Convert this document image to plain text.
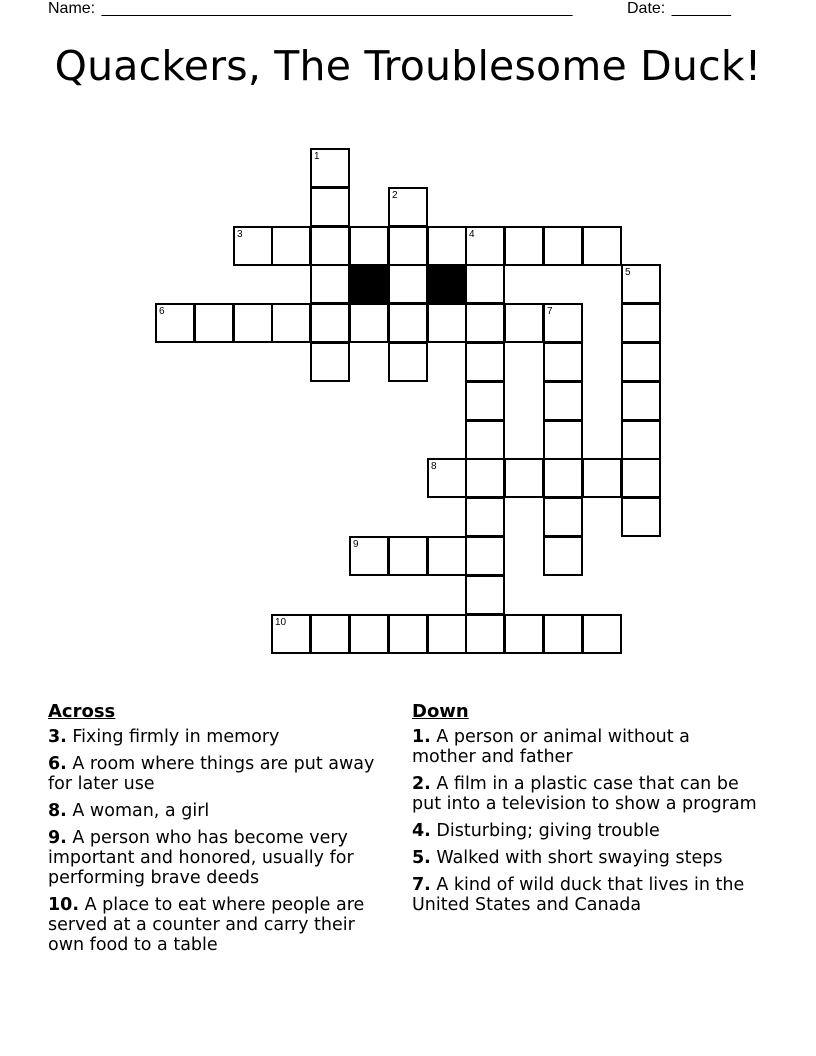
Name: ________________________________________________________	Date: _______
Quackers, The Troublesome Duck!
1
2
3	4
5
6	7
8
9
10
Across
3. Fixing firmly in memory
6. A room where things are put away for later use
8. A woman, a girl
9. A person who has become very important and honored, usually for performing brave deeds
10. A place to eat where people are served at a counter and carry their own food to a table
Down
1. A person or animal without a mother and father
2. A film in a plastic case that can be put into a television to show a program
4. Disturbing; giving trouble
5. Walked with short swaying steps
7. A kind of wild duck that lives in the United States and Canada
